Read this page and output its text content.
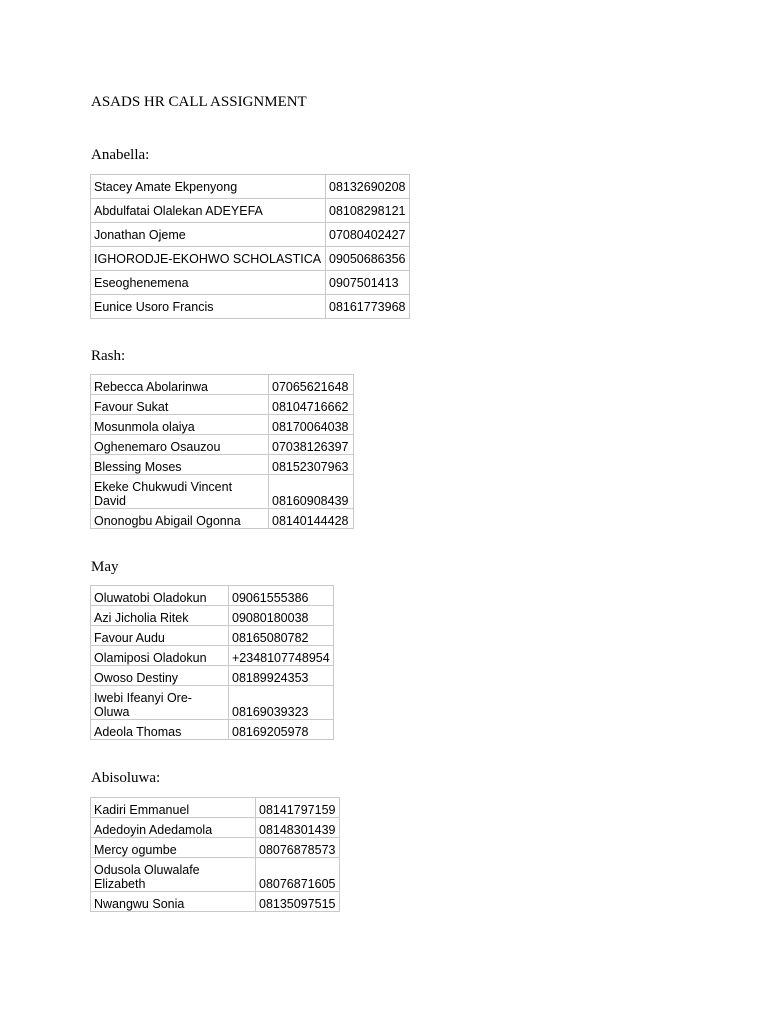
ASADS HR CALL ASSIGNMENT
Anabella:
Stacey Amate Ekpenyong	08132690208
Abdulfatai Olalekan ADEYEFA	08108298121
Jonathan Ojeme	07080402427
IGHORODJE-EKOHWO SCHOLASTICA	09050686356
Eseoghenemena	0907501413
Eunice Usoro Francis	08161773968
Rash:
Rebecca Abolarinwa	07065621648
Favour Sukat	08104716662
Mosunmola olaiya	08170064038
Oghenemaro Osauzou	07038126397
Blessing Moses	08152307963
Ekeke Chukwudi Vincent David	08160908439
Ononogbu Abigail Ogonna	08140144428
May
Oluwatobi Oladokun	09061555386
Azi Jicholia Ritek	09080180038
Favour Audu	08165080782
Olamiposi Oladokun	+2348107748954
Owoso Destiny	08189924353
Iwebi Ifeanyi Ore-Oluwa	08169039323
Adeola Thomas	08169205978
Abisoluwa:
Kadiri Emmanuel	08141797159
Adedoyin Adedamola	08148301439
Mercy ogumbe	08076878573
Odusola Oluwalafe Elizabeth	08076871605
Nwangwu Sonia	08135097515
